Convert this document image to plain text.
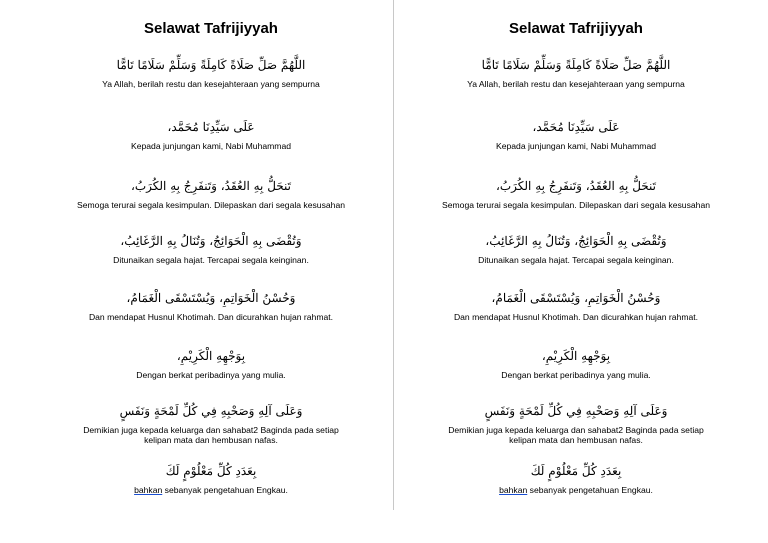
Selawat Tafrijiyyah
اللَّهُمَّ صَلِّ صَلَاةً كَامِلَةً وَسَلِّمْ سَلَامًا تَامًّا
Ya Allah, berilah restu dan kesejahteraan yang sempurna
عَلَى سَيِّدِنَا مُحَمَّد،
Kepada junjungan kami, Nabi Muhammad
تَنحَلُّ بِهِ العُقَدُ، وَتَنفَرِجُ بِهِ الكُرَبُ،
Semoga terurai segala kesimpulan. Dilepaskan dari segala kesusahan
وَتُقْضَى بِهِ الْحَوَائِجُ، وَتُنَالُ بِهِ الرَّغَائِبُ،
Ditunaikan segala hajat. Tercapai segala keinginan.
وَحُسْنُ الْخَوَاتِمِ، وَيُسْتَسْقَى الْغَمَامُ،
Dan mendapat Husnul Khotimah. Dan dicurahkan hujan rahmat.
بِوَجْهِهِ الْكَرِيْمِ،
Dengan berkat peribadinya yang mulia.
وَعَلَى آلِهِ وَصَحْبِهِ فِي كُلِّ لَمْحَةٍ وَنَفَسٍ
Demikian juga kepada keluarga dan sahabat2 Baginda pada setiap
kelipan mata dan hembusan nafas.
بِعَدَدِ كُلِّ مَعْلُوْمٍ لَكَ
bahkan sebanyak pengetahuan Engkau.
Selawat Tafrijiyyah
اللَّهُمَّ صَلِّ صَلَاةً كَامِلَةً وَسَلِّمْ سَلَامًا تَامًّا
Ya Allah, berilah restu dan kesejahteraan yang sempurna
عَلَى سَيِّدِنَا مُحَمَّد،
Kepada junjungan kami, Nabi Muhammad
تَنحَلُّ بِهِ العُقَدُ، وَتَنفَرِجُ بِهِ الكُرَبُ،
Semoga terurai segala kesimpulan. Dilepaskan dari segala kesusahan
وَتُقْضَى بِهِ الْحَوَائِجُ، وَتُنَالُ بِهِ الرَّغَائِبُ،
Ditunaikan segala hajat. Tercapai segala keinginan.
وَحُسْنُ الْخَوَاتِمِ، وَيُسْتَسْقَى الْغَمَامُ،
Dan mendapat Husnul Khotimah. Dan dicurahkan hujan rahmat.
بِوَجْهِهِ الْكَرِيْمِ،
Dengan berkat peribadinya yang mulia.
وَعَلَى آلِهِ وَصَحْبِهِ فِي كُلِّ لَمْحَةٍ وَنَفَسٍ
Demikian juga kepada keluarga dan sahabat2 Baginda pada setiap
kelipan mata dan hembusan nafas.
بِعَدَدِ كُلِّ مَعْلُوْمٍ لَكَ
bahkan sebanyak pengetahuan Engkau.
